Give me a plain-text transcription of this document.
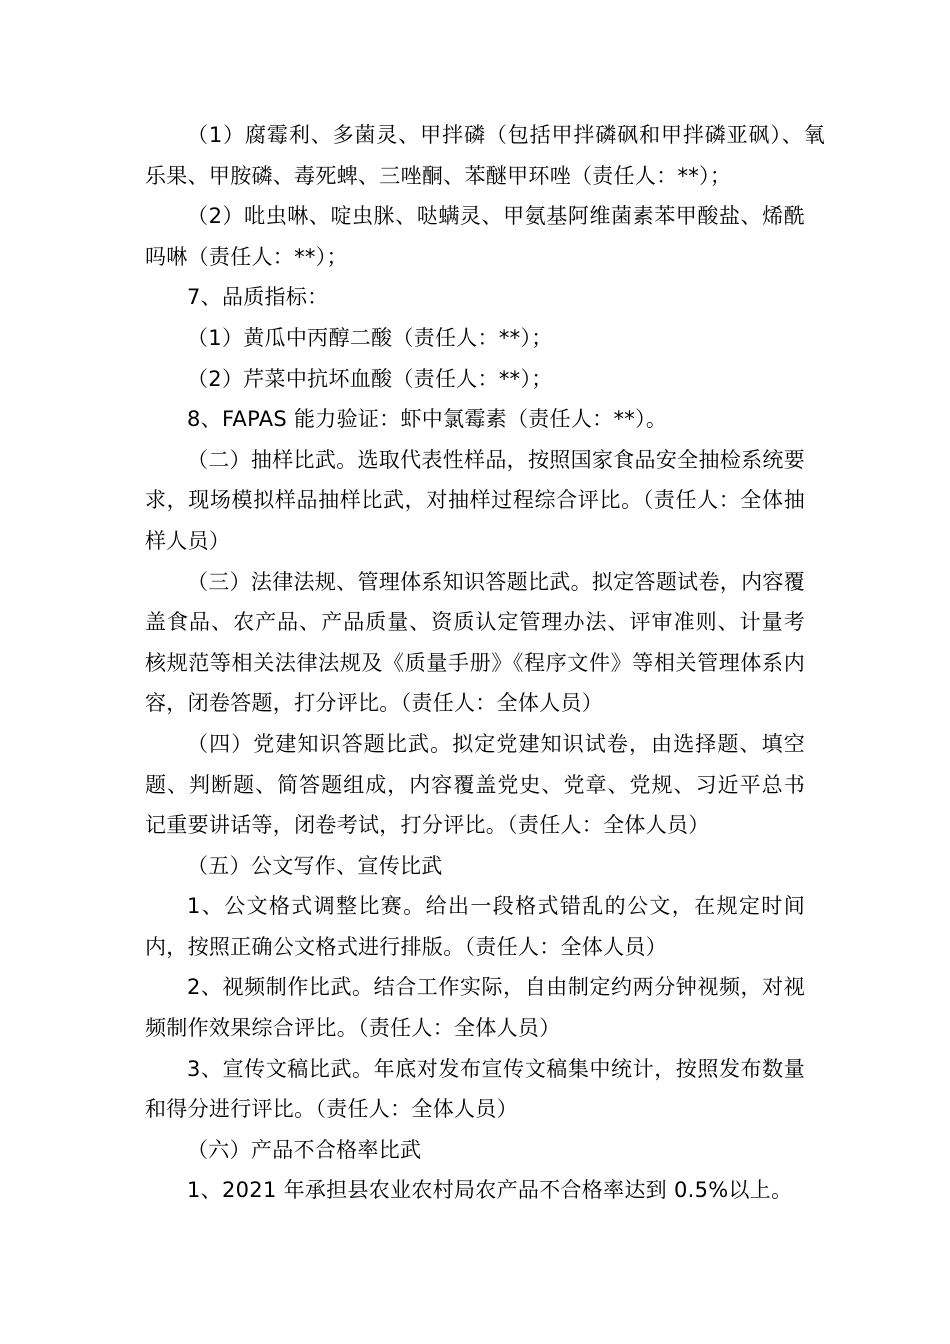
（1）腐霉利、多菌灵、甲拌磷（包括甲拌磷砜和甲拌磷亚砜）、氧乐果、甲胺磷、毒死蜱、三唑酮、苯醚甲环唑（责任人：**）；

（2）吡虫啉、啶虫脒、哒螨灵、甲氨基阿维菌素苯甲酸盐、烯酰吗啉（责任人：**）；

7、品质指标：

（1）黄瓜中丙醇二酸（责任人：**）；

（2）芹菜中抗坏血酸（责任人：**）；

8、FAPAS 能力验证：虾中氯霉素（责任人：**）。

（二）抽样比武。选取代表性样品，按照国家食品安全抽检系统要求，现场模拟样品抽样比武，对抽样过程综合评比。（责任人：全体抽样人员）

（三）法律法规、管理体系知识答题比武。拟定答题试卷，内容覆盖食品、农产品、产品质量、资质认定管理办法、评审准则、计量考核规范等相关法律法规及《质量手册》《程序文件》等相关管理体系内容，闭卷答题，打分评比。（责任人：全体人员）

（四）党建知识答题比武。拟定党建知识试卷，由选择题、填空题、判断题、简答题组成，内容覆盖党史、党章、党规、习近平总书记重要讲话等，闭卷考试，打分评比。（责任人：全体人员）

（五）公文写作、宣传比武

1、公文格式调整比赛。给出一段格式错乱的公文，在规定时间内，按照正确公文格式进行排版。（责任人：全体人员）

2、视频制作比武。结合工作实际，自由制定约两分钟视频，对视频制作效果综合评比。（责任人：全体人员）

3、宣传文稿比武。年底对发布宣传文稿集中统计，按照发布数量和得分进行评比。（责任人：全体人员）

（六）产品不合格率比武

1、2021 年承担县农业农村局农产品不合格率达到 0.5%以上。
